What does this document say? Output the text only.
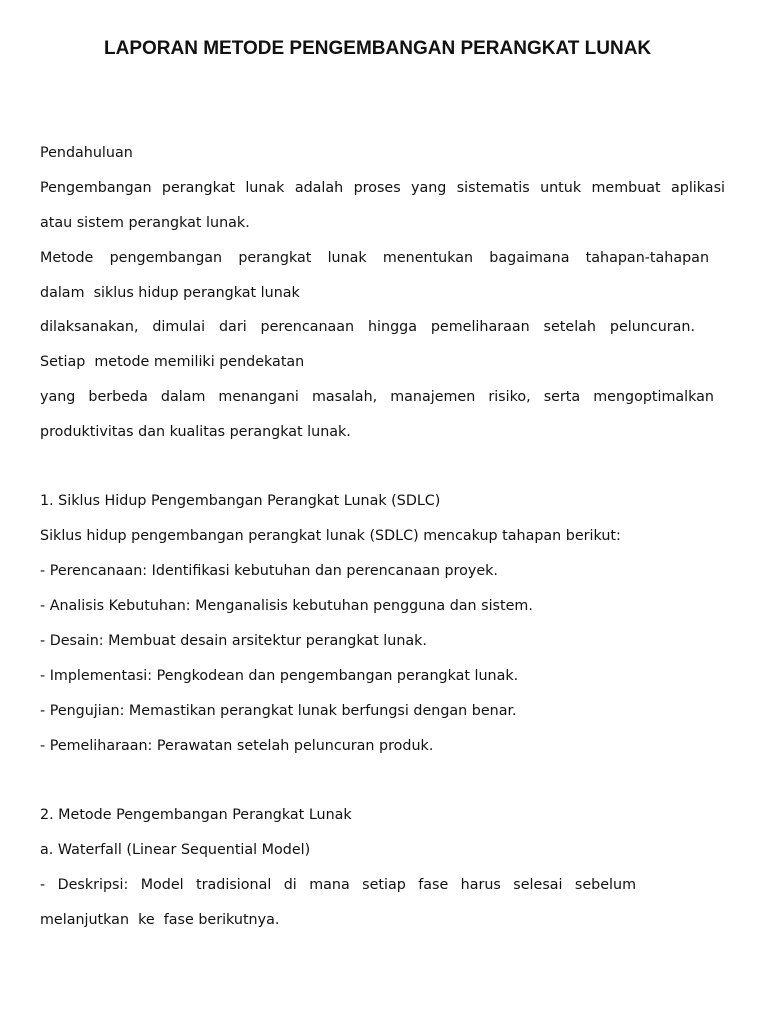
LAPORAN METODE PENGEMBANGAN PERANGKAT LUNAK

Pendahuluan

Pengembangan perangkat lunak adalah proses yang sistematis untuk membuat aplikasi

atau sistem perangkat lunak.

Metode pengembangan perangkat lunak menentukan bagaimana tahapan-tahapan

dalam  siklus hidup perangkat lunak

dilaksanakan, dimulai dari perencanaan hingga pemeliharaan setelah peluncuran.

Setiap  metode memiliki pendekatan

yang berbeda dalam menangani masalah, manajemen risiko, serta mengoptimalkan

produktivitas dan kualitas perangkat lunak.

1. Siklus Hidup Pengembangan Perangkat Lunak (SDLC)

Siklus hidup pengembangan perangkat lunak (SDLC) mencakup tahapan berikut:

- Perencanaan: Identifikasi kebutuhan dan perencanaan proyek.

- Analisis Kebutuhan: Menganalisis kebutuhan pengguna dan sistem.

- Desain: Membuat desain arsitektur perangkat lunak.

- Implementasi: Pengkodean dan pengembangan perangkat lunak.

- Pengujian: Memastikan perangkat lunak berfungsi dengan benar.

- Pemeliharaan: Perawatan setelah peluncuran produk.

2. Metode Pengembangan Perangkat Lunak

a. Waterfall (Linear Sequential Model)

- Deskripsi: Model tradisional di mana setiap fase harus selesai sebelum

melanjutkan  ke  fase berikutnya.
